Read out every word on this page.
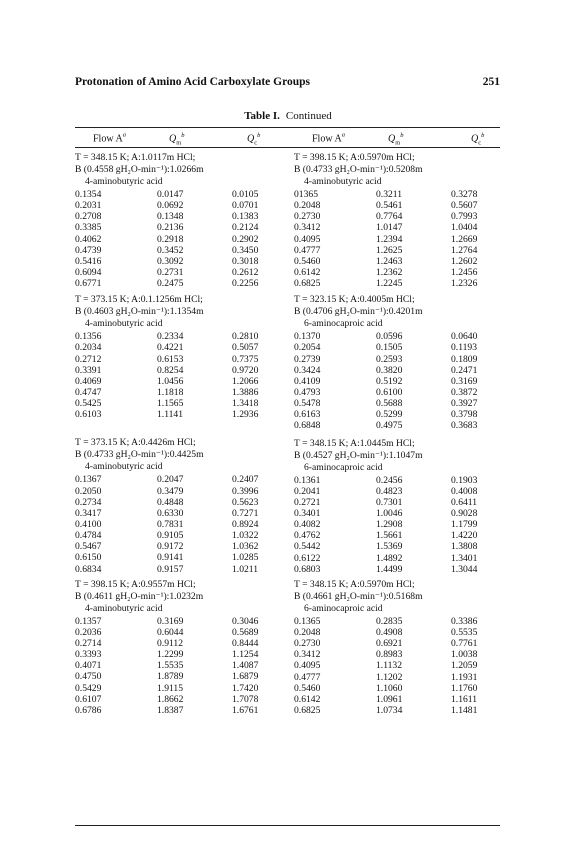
Protonation of Amino Acid Carboxylate Groups	251
Table I. Continued
Flow $A^a$	$Q_m^b$	$Q_c^b$	Flow $A^a$	$Q_m^b$	$Q_c^b$
T = 348.15 K; A:1.0117m HCl;
B (0.4558 gH₂O-min⁻¹):1.0266m
4-aminobutyric acid
0.1354	0.0147	0.0105
0.2031	0.0692	0.0701
0.2708	0.1348	0.1383
0.3385	0.2136	0.2124
0.4062	0.2918	0.2902
0.4739	0.3452	0.3450
0.5416	0.3092	0.3018
0.6094	0.2731	0.2612
0.6771	0.2475	0.2256
T = 373.15 K; A:0.1.1256m HCl;
B (0.4603 gH₂O-min⁻¹):1.1354m
4-aminobutyric acid
0.1356	0.2334	0.2810
0.2034	0.4221	0.5057
0.2712	0.6153	0.7375
0.3391	0.8254	0.9720
0.4069	1.0456	1.2066
0.4747	1.1818	1.3886
0.5425	1.1565	1.3418
0.6103	1.1141	1.2936
T = 373.15 K; A:0.4426m HCl;
B (0.4733 gH₂O-min⁻¹):0.4425m
4-aminobutyric acid
0.1367	0.2047	0.2407
0.2050	0.3479	0.3996
0.2734	0.4848	0.5623
0.3417	0.6330	0.7271
0.4100	0.7831	0.8924
0.4784	0.9105	1.0322
0.5467	0.9172	1.0362
0.6150	0.9141	1.0285
0.6834	0.9157	1.0211
T = 398.15 K; A:0.9557m HCl;
B (0.4611 gH₂O-min⁻¹):1.0232m
4-aminobutyric acid
0.1357	0.3169	0.3046
0.2036	0.6044	0.5689
0.2714	0.9112	0.8444
0.3393	1.2299	1.1254
0.4071	1.5535	1.4087
0.4750	1.8789	1.6879
0.5429	1.9115	1.7420
0.6107	1.8662	1.7078
0.6786	1.8387	1.6761
T = 398.15 K; A:0.5970m HCl;
B (0.4733 gH₂O-min⁻¹):0.5208m
4-aminobutyric acid
01365	0.3211	0.3278
0.2048	0.5461	0.5607
0.2730	0.7764	0.7993
0.3412	1.0147	1.0404
0.4095	1.2394	1.2669
0.4777	1.2625	1.2764
0.5460	1.2463	1.2602
0.6142	1.2362	1.2456
0.6825	1.2245	1.2326
T = 323.15 K; A:0.4005m HCl;
B (0.4706 gH₂O-min⁻¹):0.4201m
6-aminocaproic acid
0.1370	0.0596	0.0640
0.2054	0.1505	0.1193
0.2739	0.2593	0.1809
0.3424	0.3820	0.2471
0.4109	0.5192	0.3169
0.4793	0.6100	0.3872
0.5478	0.5688	0.3927
0.6163	0.5299	0.3798
0.6848	0.4975	0.3683
T = 348.15 K; A:1.0445m HCl;
B (0.4527 gH₂O-min⁻¹):1.1047m
6-aminocaproic acid
0.1361	0.2456	0.1903
0.2041	0.4823	0.4008
0.2721	0.7301	0.6411
0.3401	1.0046	0.9028
0.4082	1.2908	1.1799
0.4762	1.5661	1.4220
0.5442	1.5369	1.3808
0.6122	1.4892	1.3401
0.6803	1.4499	1.3044
T = 348.15 K; A:0.5970m HCl;
B (0.4661 gH₂O-min⁻¹):0.5168m
6-aminocaproic acid
0.1365	0.2835	0.3386
0.2048	0.4908	0.5535
0.2730	0.6921	0.7761
0.3412	0.8983	1.0038
0.4095	1.1132	1.2059
0.4777	1.1202	1.1931
0.5460	1.1060	1.1760
0.6142	1.0961	1.1611
0.6825	1.0734	1.1481
